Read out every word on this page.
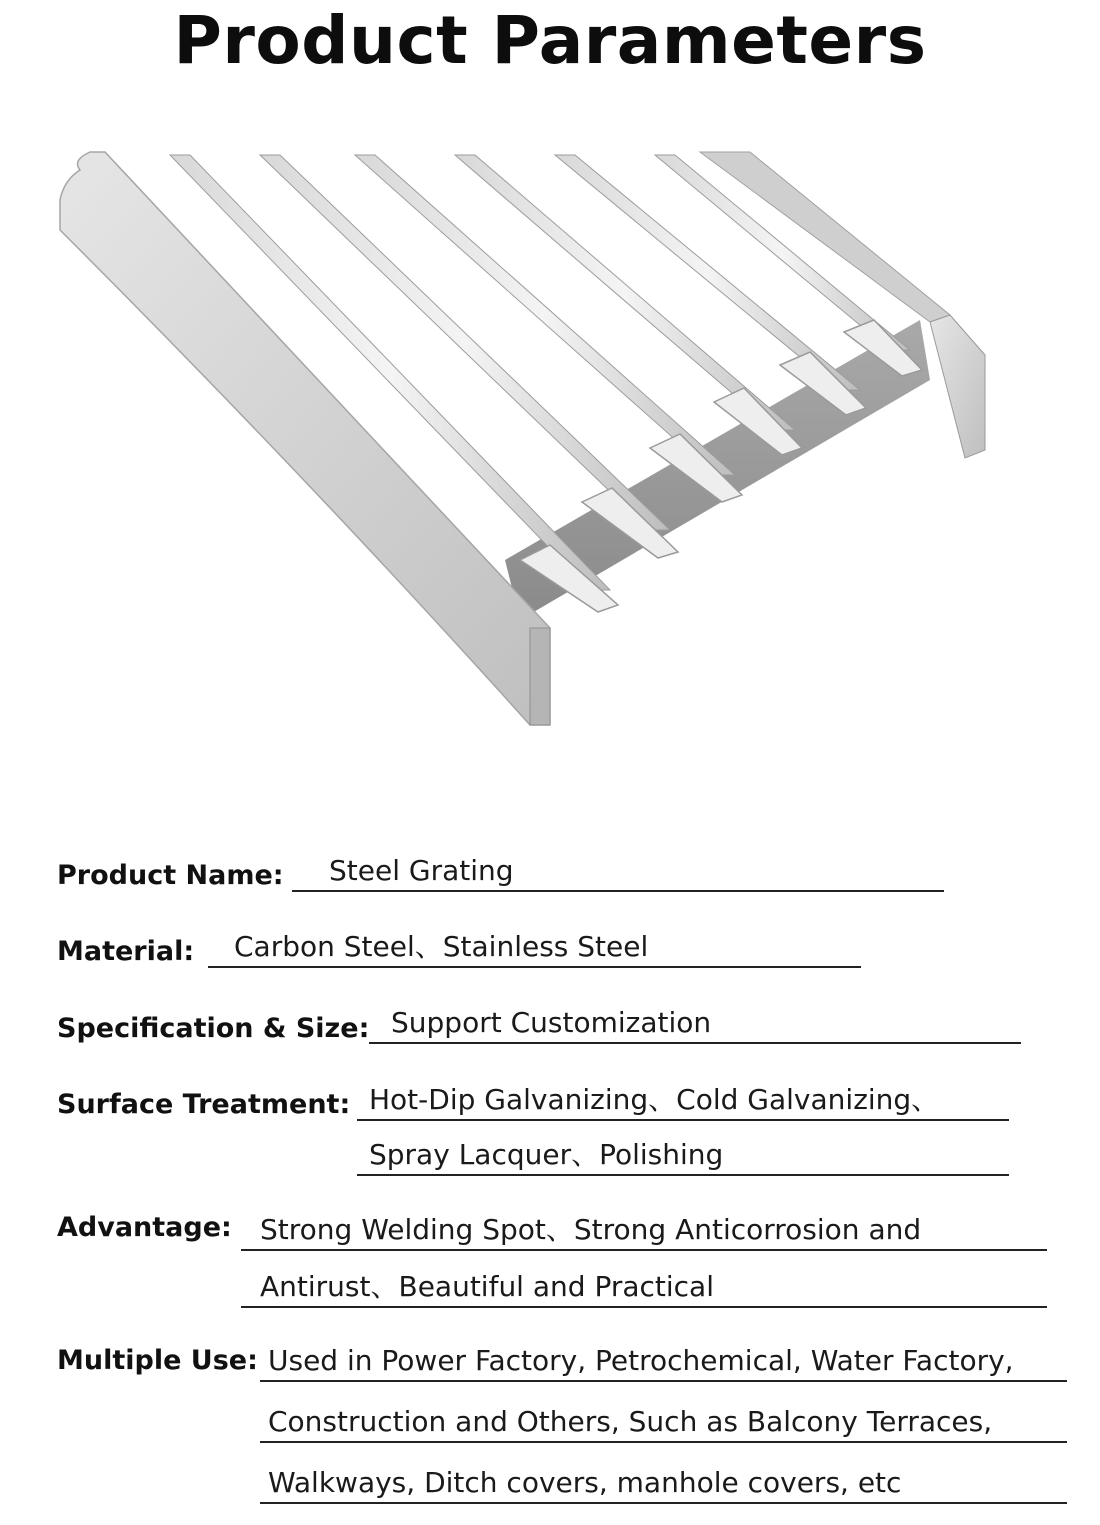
Product Parameters
Product Name:	Steel Grating
Material:	Carbon Steel、Stainless Steel
Specification & Size: Support Customization
Surface Treatment: Hot-Dip Galvanizing、Cold Galvanizing、
Spray Lacquer、Polishing
Advantage:	Strong Welding Spot、Strong Anticorrosion and
Antirust、Beautiful and Practical
Multiple Use: Used in Power Factory, Petrochemical, Water Factory,
Construction and Others, Such as Balcony Terraces,
Walkways, Ditch covers, manhole covers, etc
